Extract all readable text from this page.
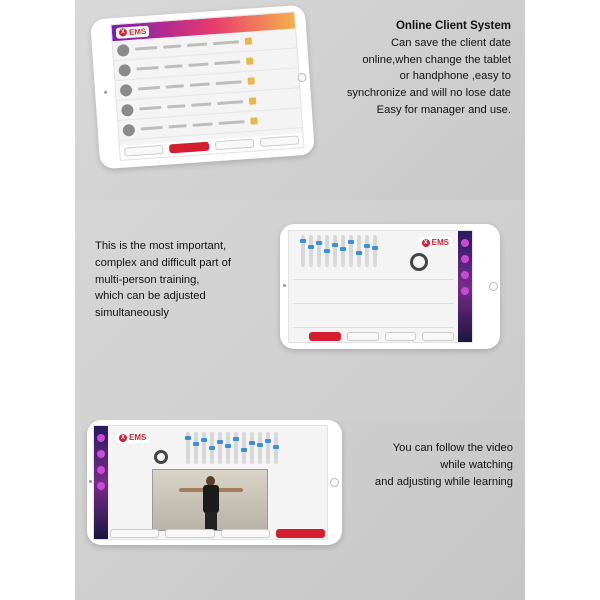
X EMS	Online Client System
Can save the client date
online,when change the tablet
or handphone ,easy to
synchronize and will no lose date
Easy for manager and use.
This is the most important,
complex and difficult part of
multi-person training,
which can be adjusted
simultaneously
X EMS
X EMS
You can follow the video
while watching
and adjusting while learning
